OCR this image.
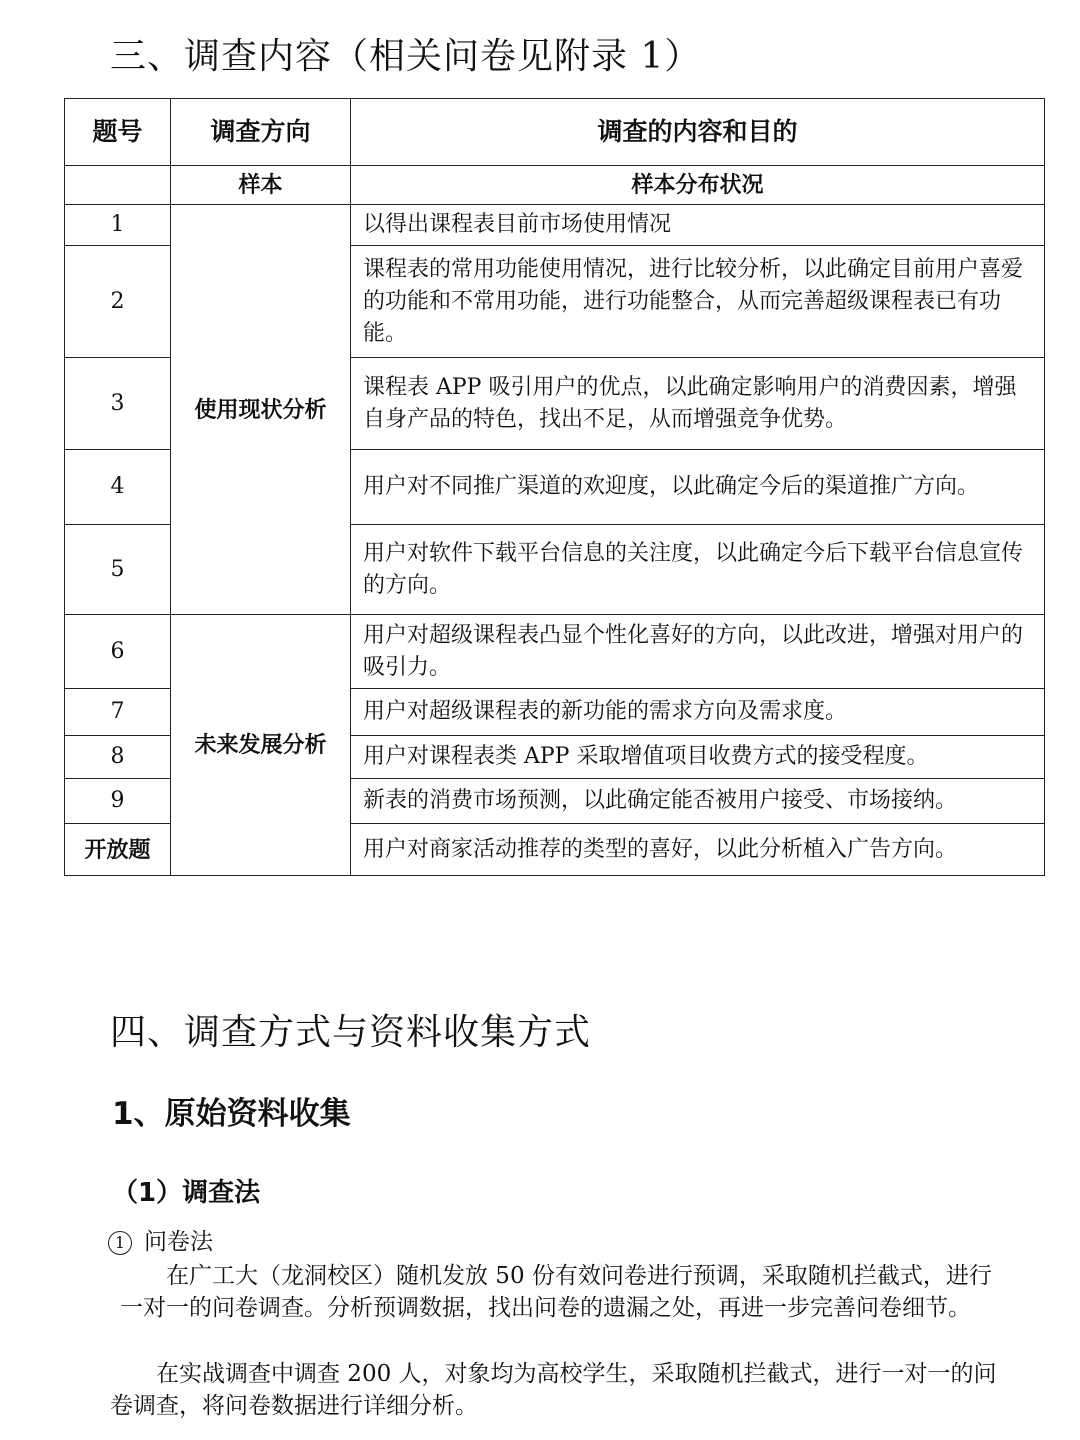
三、调查内容（相关问卷见附录 1）
题号	调查方向	调查的内容和目的
	样本	样本分布状况
1	使用现状分析	以得出课程表目前市场使用情况
2		课程表的常用功能使用情况，进行比较分析，以此确定目前用户喜爱的功能和不常用功能，进行功能整合，从而完善超级课程表已有功能。
3		课程表 APP 吸引用户的优点，以此确定影响用户的消费因素，增强自身产品的特色，找出不足，从而增强竞争优势。
4		用户对不同推广渠道的欢迎度，以此确定今后的渠道推广方向。
5		用户对软件下载平台信息的关注度，以此确定今后下载平台信息宣传的方向。
6	未来发展分析	用户对超级课程表凸显个性化喜好的方向，以此改进，增强对用户的吸引力。
7		用户对超级课程表的新功能的需求方向及需求度。
8		用户对课程表类 APP 采取增值项目收费方式的接受程度。
9		新表的消费市场预测，以此确定能否被用户接受、市场接纳。
开放题		用户对商家活动推荐的类型的喜好，以此分析植入广告方向。
四、调查方式与资料收集方式
1、原始资料收集
（1）调查法

1 问卷法

　　在广工大（龙洞校区）随机发放 50 份有效问卷进行预调，采取随机拦截式，进行一对一的问卷调查。分析预调数据，找出问卷的遗漏之处，再进一步完善问卷细节。

　　在实战调查中调查 200 人，对象均为高校学生，采取随机拦截式，进行一对一的问卷调查，将问卷数据进行详细分析。
